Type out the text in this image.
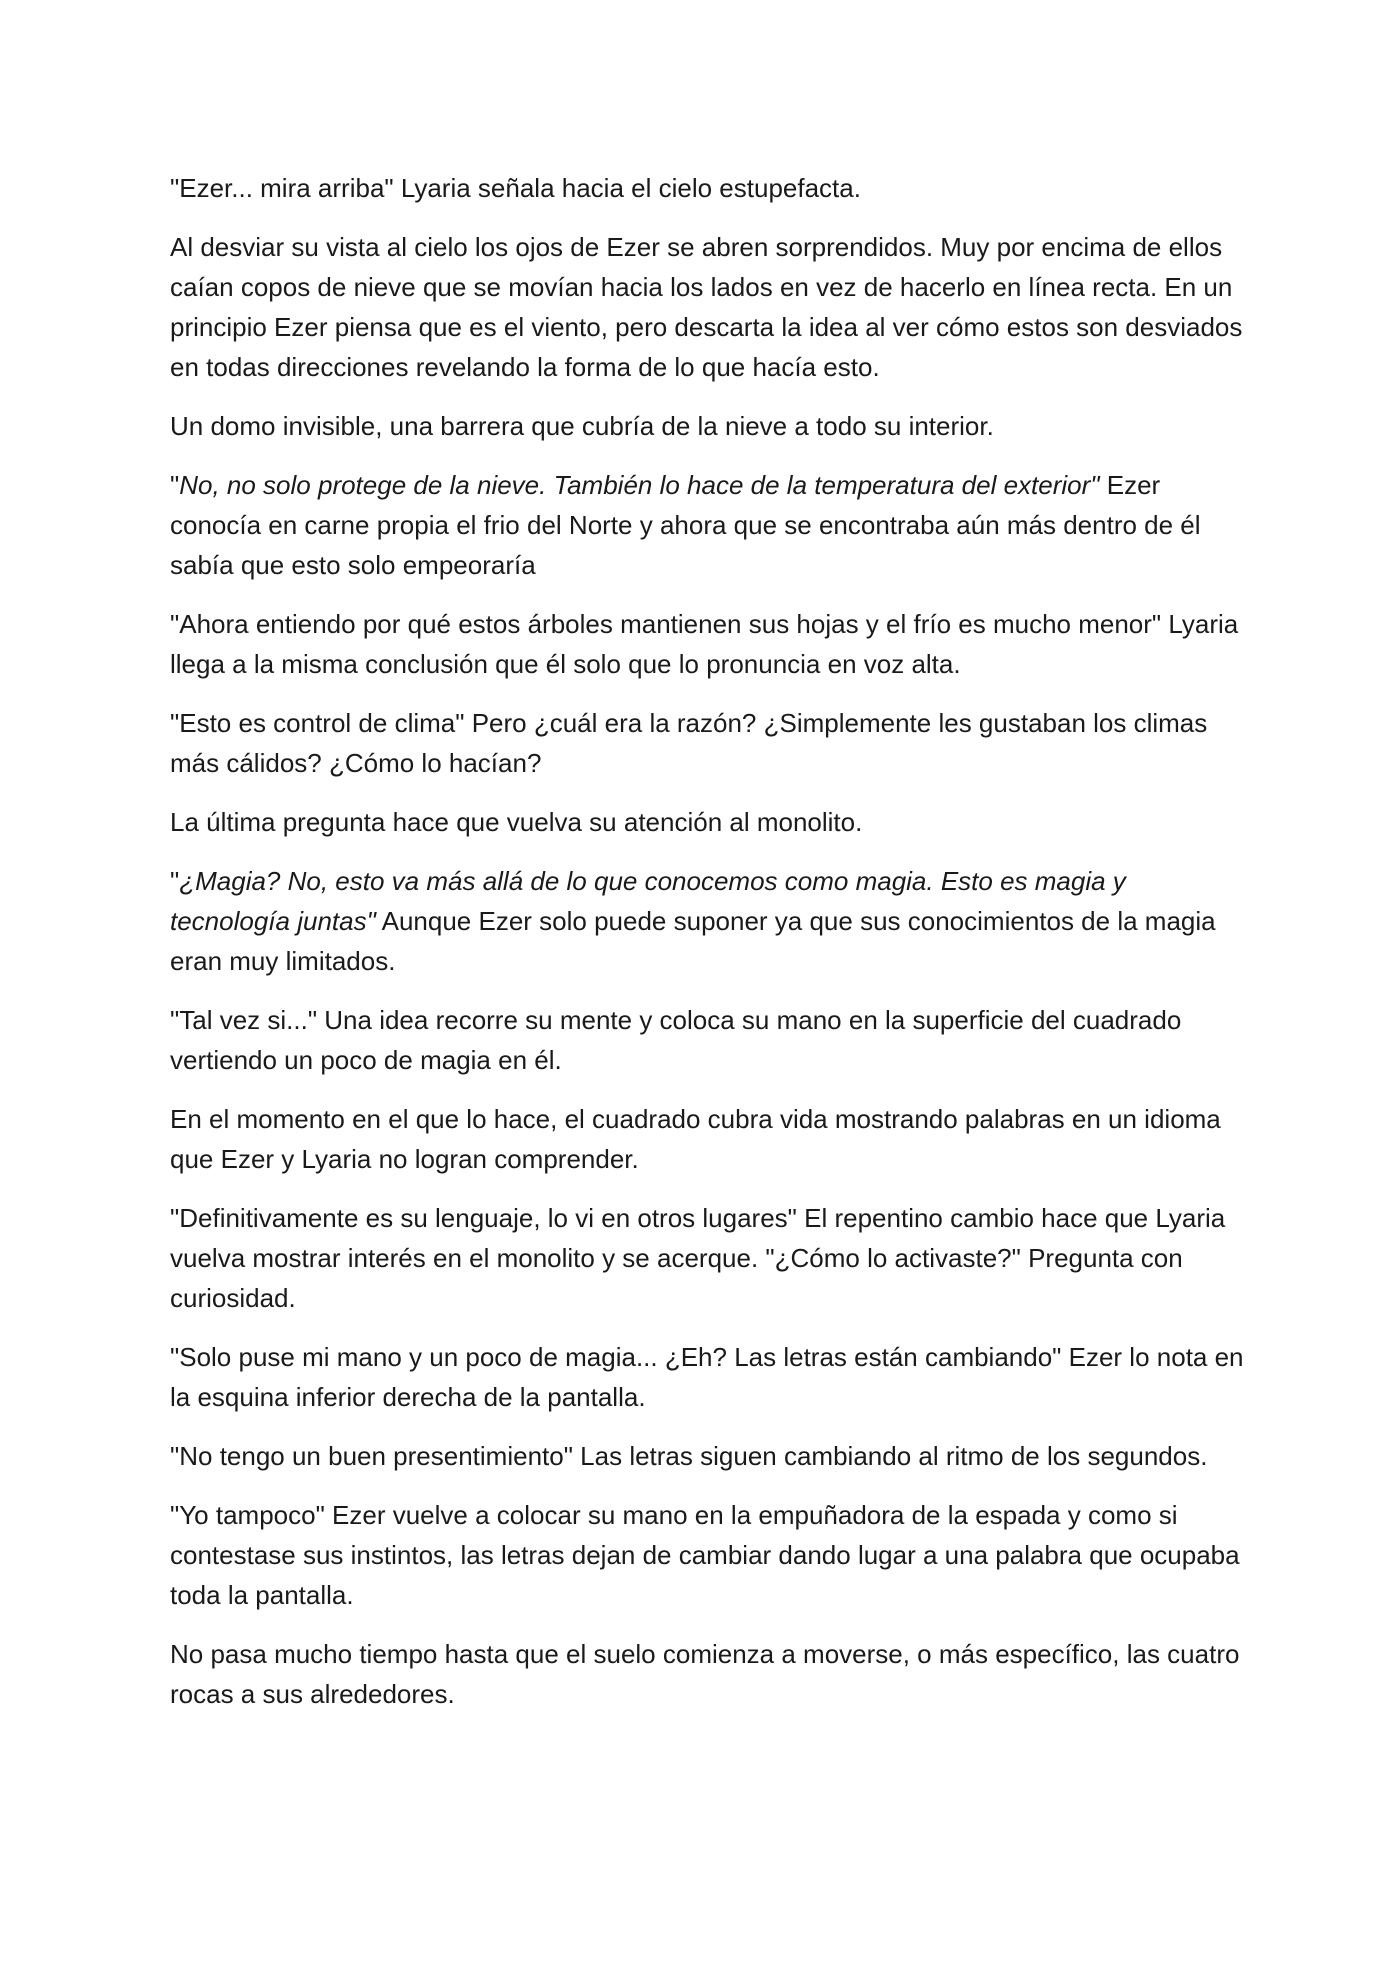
"Ezer... mira arriba" Lyaria señala hacia el cielo estupefacta.

Al desviar su vista al cielo los ojos de Ezer se abren sorprendidos. Muy por encima de ellos caían copos de nieve que se movían hacia los lados en vez de hacerlo en línea recta. En un principio Ezer piensa que es el viento, pero descarta la idea al ver cómo estos son desviados en todas direcciones revelando la forma de lo que hacía esto.

Un domo invisible, una barrera que cubría de la nieve a todo su interior.

"No, no solo protege de la nieve. También lo hace de la temperatura del exterior" Ezer conocía en carne propia el frio del Norte y ahora que se encontraba aún más dentro de él sabía que esto solo empeoraría

"Ahora entiendo por qué estos árboles mantienen sus hojas y el frío es mucho menor" Lyaria llega a la misma conclusión que él solo que lo pronuncia en voz alta.

"Esto es control de clima" Pero ¿cuál era la razón? ¿Simplemente les gustaban los climas más cálidos? ¿Cómo lo hacían?

La última pregunta hace que vuelva su atención al monolito.

"¿Magia? No, esto va más allá de lo que conocemos como magia. Esto es magia y tecnología juntas" Aunque Ezer solo puede suponer ya que sus conocimientos de la magia eran muy limitados.

"Tal vez si..." Una idea recorre su mente y coloca su mano en la superficie del cuadrado vertiendo un poco de magia en él.

En el momento en el que lo hace, el cuadrado cubra vida mostrando palabras en un idioma que Ezer y Lyaria no logran comprender.

"Definitivamente es su lenguaje, lo vi en otros lugares" El repentino cambio hace que Lyaria vuelva mostrar interés en el monolito y se acerque. "¿Cómo lo activaste?" Pregunta con curiosidad.

"Solo puse mi mano y un poco de magia... ¿Eh? Las letras están cambiando" Ezer lo nota en la esquina inferior derecha de la pantalla.

"No tengo un buen presentimiento" Las letras siguen cambiando al ritmo de los segundos.

"Yo tampoco" Ezer vuelve a colocar su mano en la empuñadora de la espada y como si contestase sus instintos, las letras dejan de cambiar dando lugar a una palabra que ocupaba toda la pantalla.

No pasa mucho tiempo hasta que el suelo comienza a moverse, o más específico, las cuatro rocas a sus alrededores.
